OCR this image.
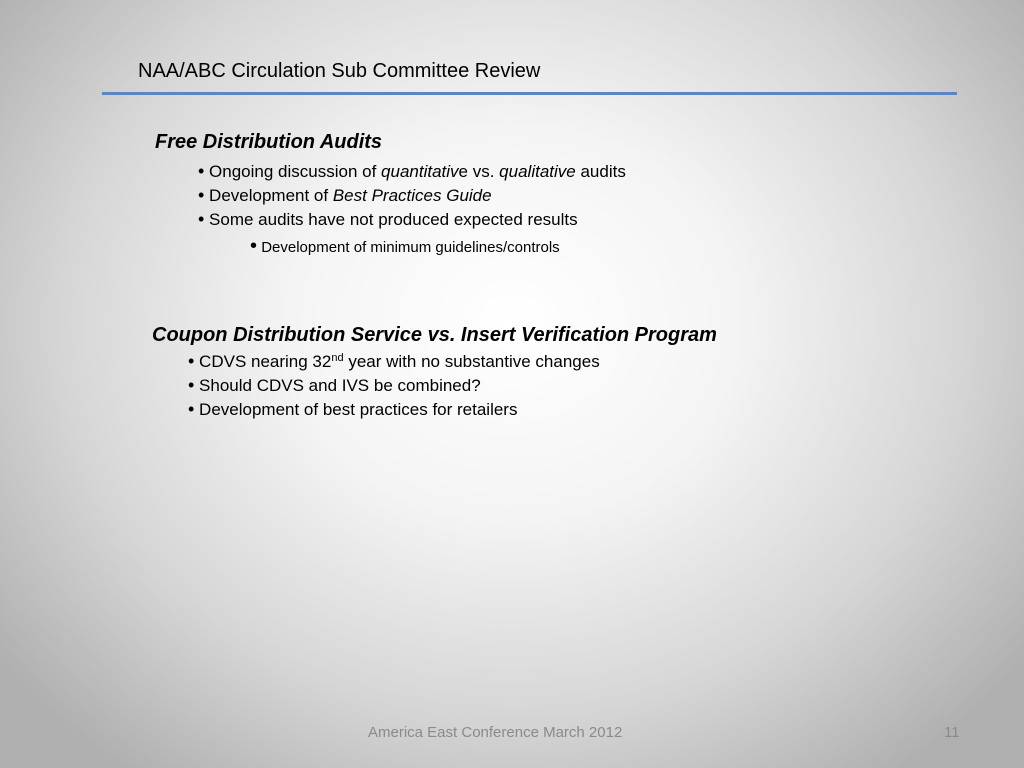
NAA/ABC Circulation Sub Committee Review
Free Distribution Audits
• Ongoing discussion of quantitative vs. qualitative audits
• Development of Best Practices Guide
• Some audits have not produced expected results
• Development of minimum guidelines/controls
Coupon Distribution Service vs. Insert Verification Program
• CDVS nearing 32nd year with no substantive changes
• Should CDVS and IVS be combined?
• Development of best practices for retailers
America East Conference March 2012	11
